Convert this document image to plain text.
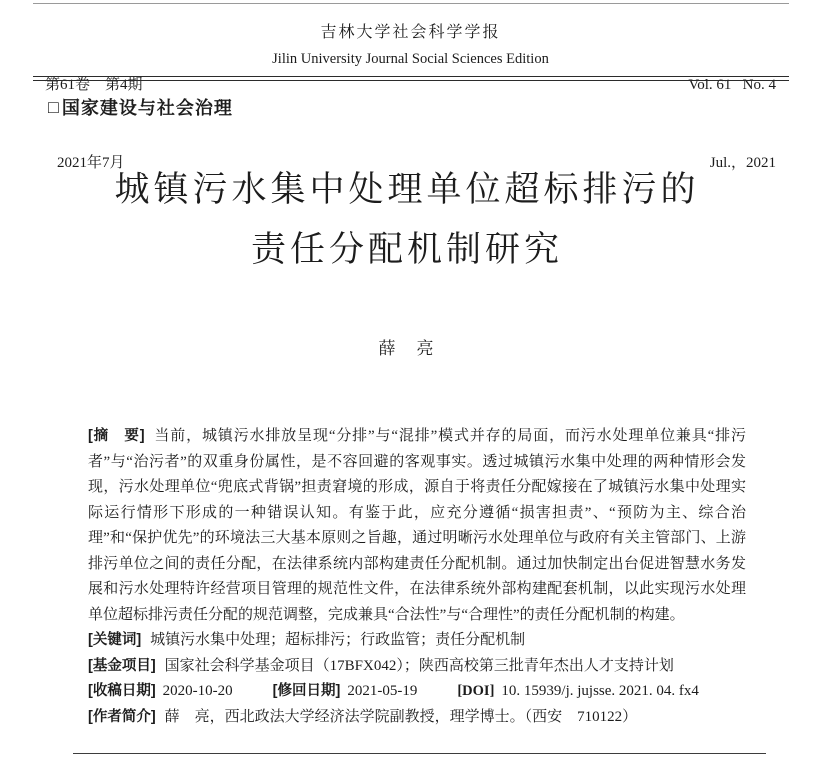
第61卷　第4期

2021年7月

吉林大学社会科学学报
Jilin University Journal Social Sciences Edition

Vol. 61   No. 4

Jul.，2021

□ 国家建设与社会治理
城镇污水集中处理单位超标排污的
责任分配机制研究
薛　亮

[摘　要] 当前，城镇污水排放呈现“分排”与“混排”模式并存的局面，而污水处理单位兼具“排污者”与“治污者”的双重身份属性，是不容回避的客观事实。透过城镇污水集中处理的两种情形会发现，污水处理单位“兜底式背锅”担责窘境的形成，源自于将责任分配嫁接在了城镇污水集中处理实际运行情形下形成的一种错误认知。有鉴于此，应充分遵循“损害担责”、“预防为主、综合治理”和“保护优先”的环境法三大基本原则之旨趣，通过明晰污水处理单位与政府有关主管部门、上游排污单位之间的责任分配，在法律系统内部构建责任分配机制。通过加快制定出台促进智慧水务发展和污水处理特许经营项目管理的规范性文件，在法律系统外部构建配套机制，以此实现污水处理单位超标排污责任分配的规范调整，完成兼具“合法性”与“合理性”的责任分配机制的构建。

[关键词] 城镇污水集中处理；超标排污；行政监管；责任分配机制

[基金项目] 国家社会科学基金项目（17BFX042）；陕西高校第三批青年杰出人才支持计划

[收稿日期] 2020-10-20	[修回日期] 2021-05-19	[DOI] 10. 15939/j. jujsse. 2021. 04. fx4

[作者简介] 薛　亮，西北政法大学经济法学院副教授，理学博士。（西安　710122）
